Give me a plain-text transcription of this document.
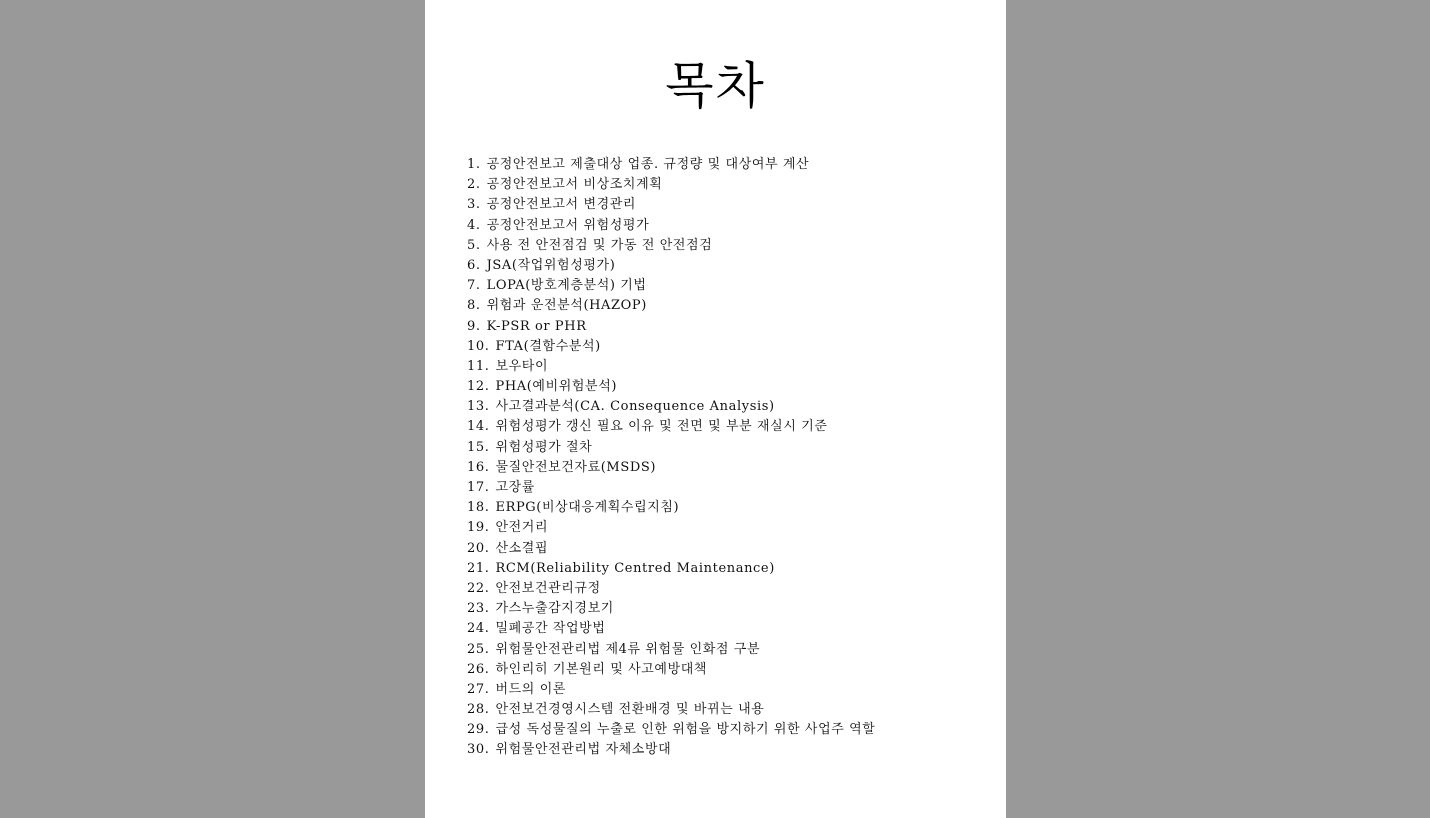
목차
1. 공정안전보고 제출대상 업종. 규정량 및 대상여부 계산
2. 공정안전보고서 비상조치계획
3. 공정안전보고서 변경관리
4. 공정안전보고서 위험성평가
5. 사용 전 안전점검 및 가동 전 안전점검
6. JSA(작업위험성평가)
7. LOPA(방호계층분석) 기법
8. 위험과 운전분석(HAZOP)
9. K-PSR or PHR
10. FTA(결함수분석)
11. 보우타이
12. PHA(예비위험분석)
13. 사고결과분석(CA. Consequence Analysis)
14. 위험성평가 갱신 필요 이유 및 전면 및 부분 재실시 기준
15. 위험성평가 절차
16. 물질안전보건자료(MSDS)
17. 고장률
18. ERPG(비상대응계획수립지침)
19. 안전거리
20. 산소결핍
21. RCM(Reliability Centred Maintenance)
22. 안전보건관리규정
23. 가스누출감지경보기
24. 밀폐공간 작업방법
25. 위험물안전관리법 제4류 위험물 인화점 구분
26. 하인리히 기본원리 및 사고예방대책
27. 버드의 이론
28. 안전보건경영시스템 전환배경 및 바뀌는 내용
29. 급성 독성물질의 누출로 인한 위험을 방지하기 위한 사업주 역할
30. 위험물안전관리법 자체소방대
